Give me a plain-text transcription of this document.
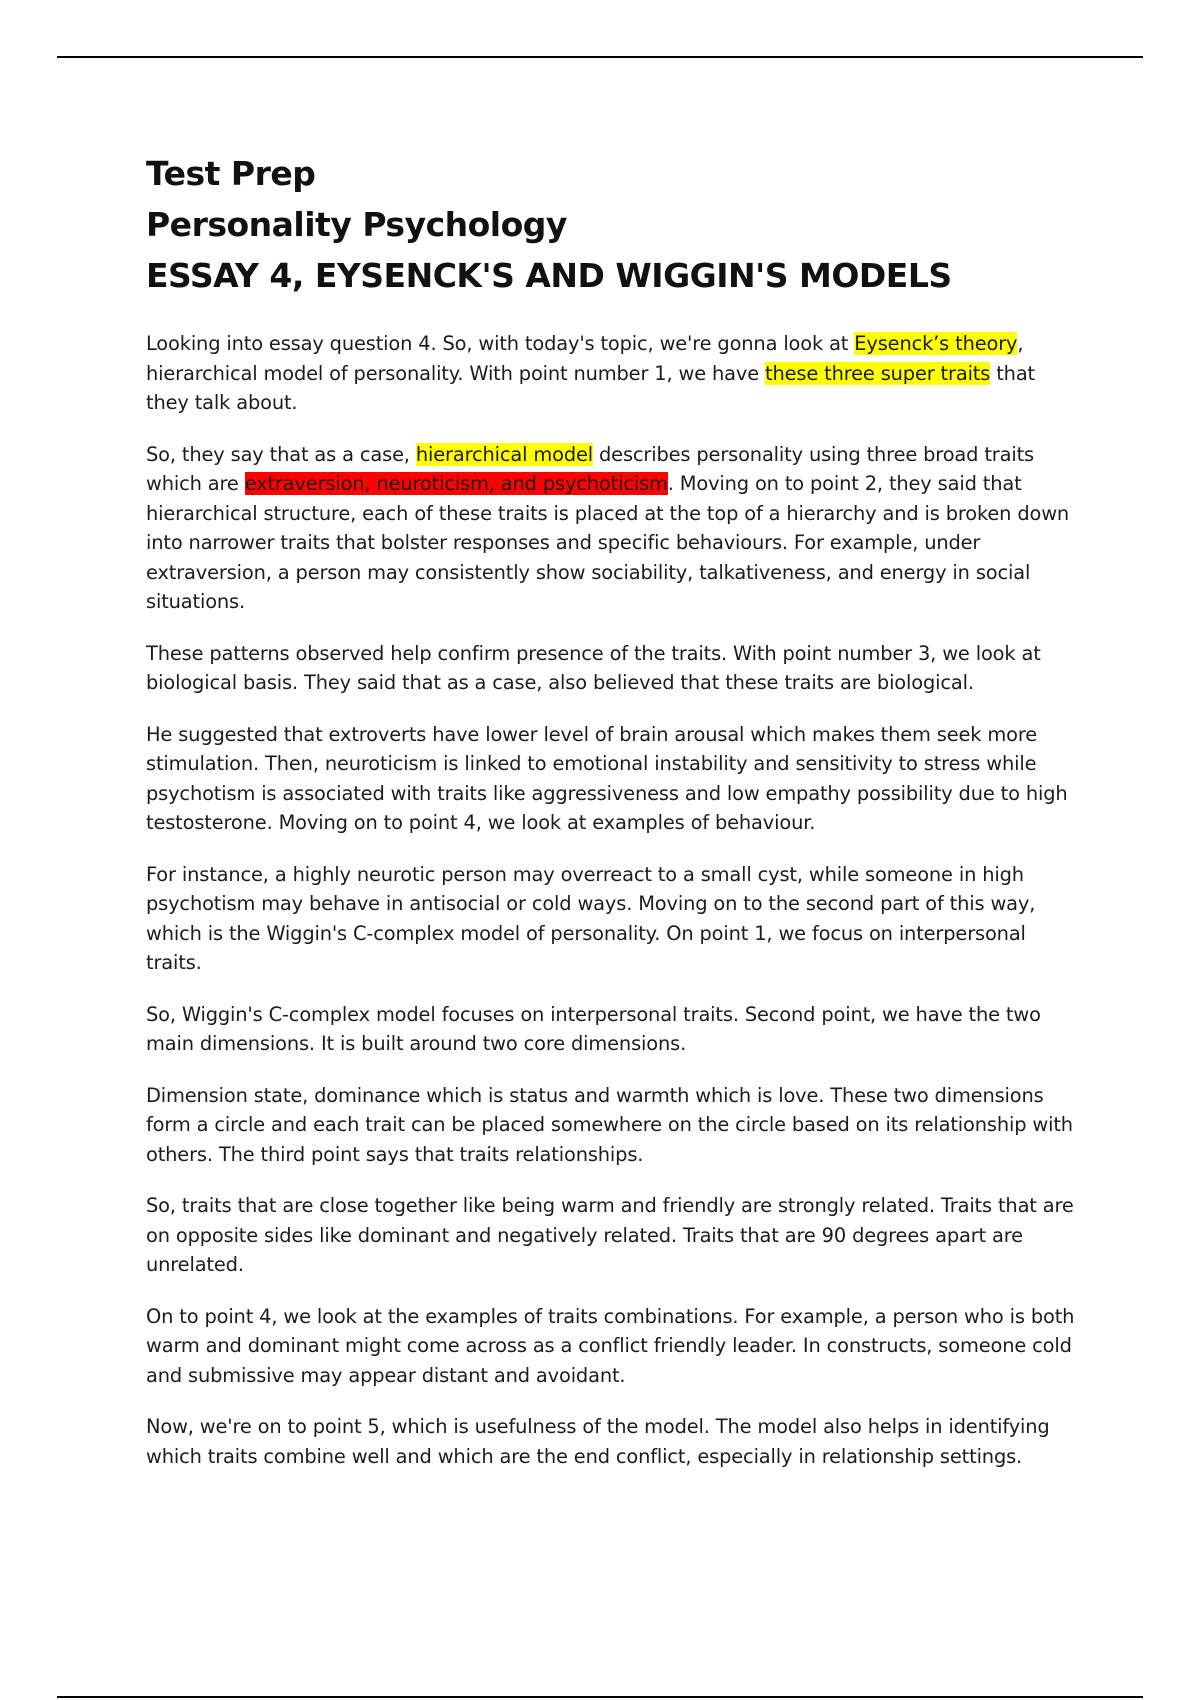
Test Prep
Personality Psychology
ESSAY 4, EYSENCK'S AND WIGGIN'S MODELS

Looking into essay question 4. So, with today's topic, we're gonna look at Eysenck’s theory, hierarchical model of personality. With point number 1, we have these three super traits that they talk about.

So, they say that as a case, hierarchical model describes personality using three broad traits which are extraversion, neuroticism, and psychoticism. Moving on to point 2, they said that hierarchical structure, each of these traits is placed at the top of a hierarchy and is broken down into narrower traits that bolster responses and specific behaviours. For example, under extraversion, a person may consistently show sociability, talkativeness, and energy in social situations.

These patterns observed help confirm presence of the traits. With point number 3, we look at biological basis. They said that as a case, also believed that these traits are biological.

He suggested that extroverts have lower level of brain arousal which makes them seek more stimulation. Then, neuroticism is linked to emotional instability and sensitivity to stress while psychotism is associated with traits like aggressiveness and low empathy possibility due to high testosterone. Moving on to point 4, we look at examples of behaviour.

For instance, a highly neurotic person may overreact to a small cyst, while someone in high psychotism may behave in antisocial or cold ways. Moving on to the second part of this way, which is the Wiggin's C-complex model of personality. On point 1, we focus on interpersonal traits.

So, Wiggin's C-complex model focuses on interpersonal traits. Second point, we have the two main dimensions. It is built around two core dimensions.

Dimension state, dominance which is status and warmth which is love. These two dimensions form a circle and each trait can be placed somewhere on the circle based on its relationship with others. The third point says that traits relationships.

So, traits that are close together like being warm and friendly are strongly related. Traits that are on opposite sides like dominant and negatively related. Traits that are 90 degrees apart are unrelated.

On to point 4, we look at the examples of traits combinations. For example, a person who is both warm and dominant might come across as a conflict friendly leader. In constructs, someone cold and submissive may appear distant and avoidant.

Now, we're on to point 5, which is usefulness of the model. The model also helps in identifying which traits combine well and which are the end conflict, especially in relationship settings.
